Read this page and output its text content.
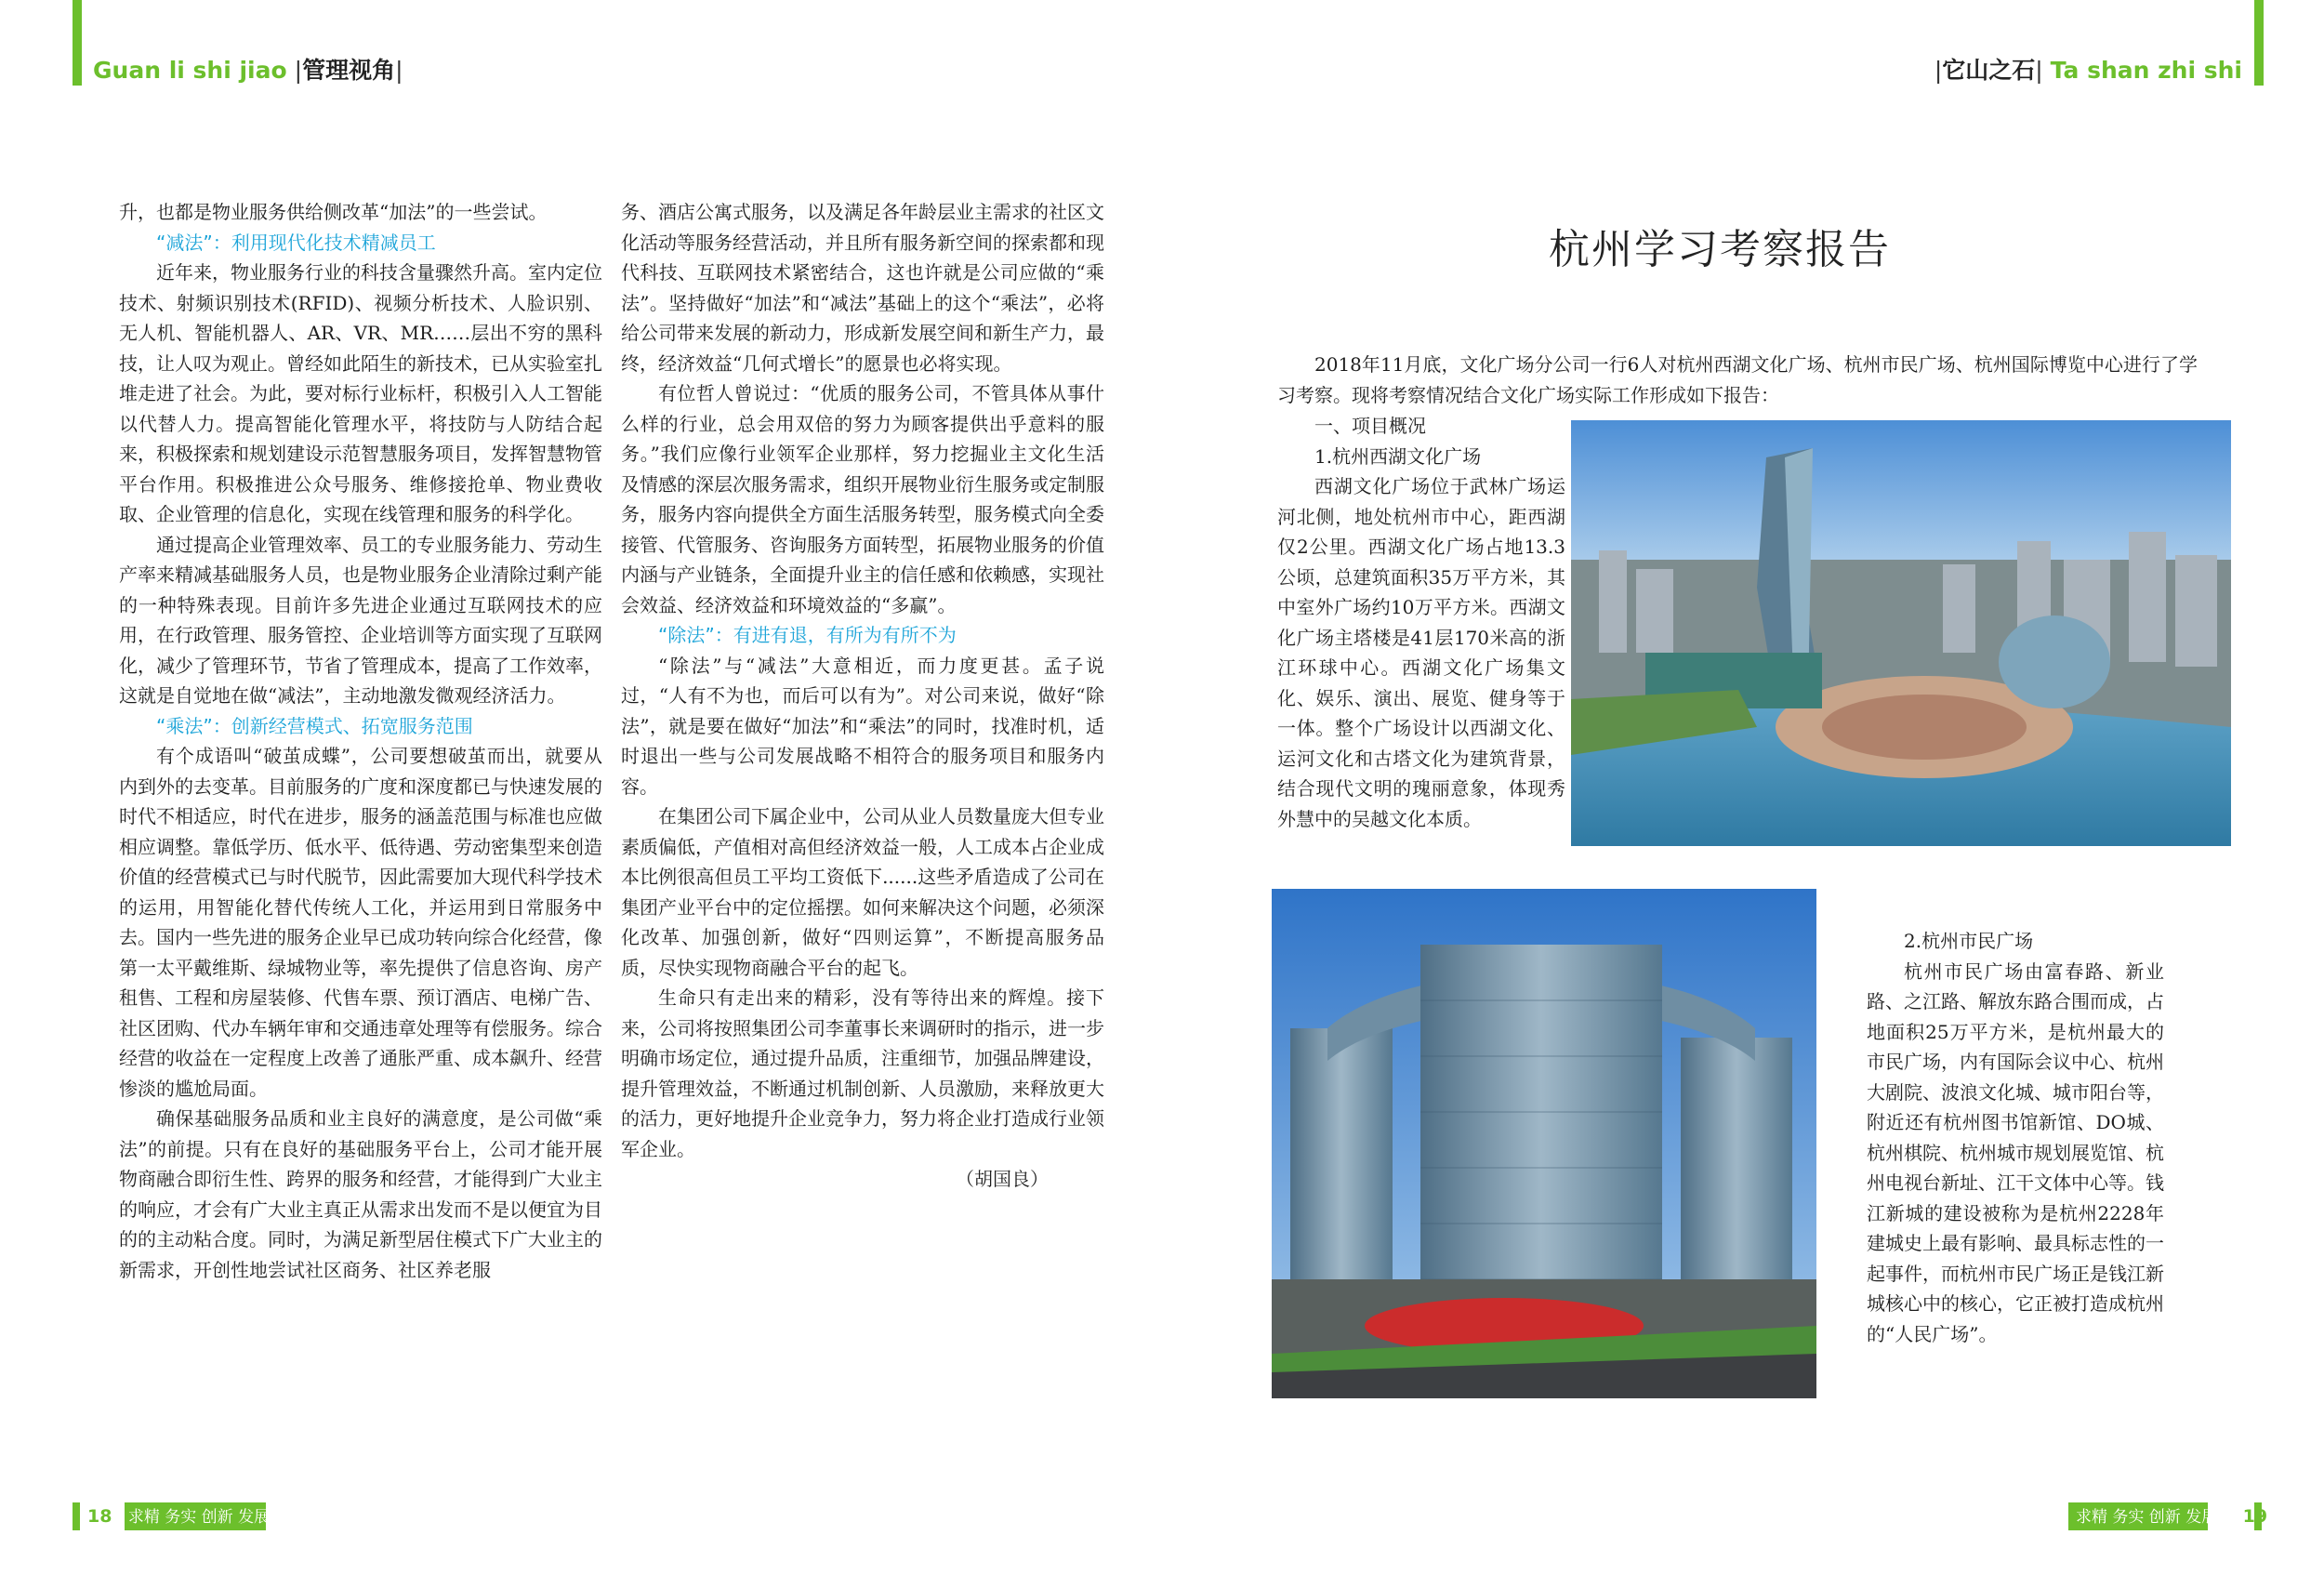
Guan li shi jiao |管理视角|	|它山之石| Ta shan zhi shi

升，也都是物业服务供给侧改革“加法”的一些尝试。

“减法”：利用现代化技术精减员工

近年来，物业服务行业的科技含量骤然升高。室内定位技术、射频识别技术(RFID)、视频分析技术、人脸识别、无人机、智能机器人、AR、VR、MR……层出不穷的黑科技，让人叹为观止。曾经如此陌生的新技术，已从实验室扎堆走进了社会。为此，要对标行业标杆，积极引入人工智能以代替人力。提高智能化管理水平，将技防与人防结合起来，积极探索和规划建设示范智慧服务项目，发挥智慧物管平台作用。积极推进公众号服务、维修接抢单、物业费收取、企业管理的信息化，实现在线管理和服务的科学化。

通过提高企业管理效率、员工的专业服务能力、劳动生产率来精减基础服务人员，也是物业服务企业清除过剩产能的一种特殊表现。目前许多先进企业通过互联网技术的应用，在行政管理、服务管控、企业培训等方面实现了互联网化，减少了管理环节，节省了管理成本，提高了工作效率，这就是自觉地在做“减法”，主动地激发微观经济活力。

“乘法”：创新经营模式、拓宽服务范围

有个成语叫“破茧成蝶”，公司要想破茧而出，就要从内到外的去变革。目前服务的广度和深度都已与快速发展的时代不相适应，时代在进步，服务的涵盖范围与标准也应做相应调整。靠低学历、低水平、低待遇、劳动密集型来创造价值的经营模式已与时代脱节，因此需要加大现代科学技术的运用，用智能化替代传统人工化，并运用到日常服务中去。国内一些先进的服务企业早已成功转向综合化经营，像第一太平戴维斯、绿城物业等，率先提供了信息咨询、房产租售、工程和房屋装修、代售车票、预订酒店、电梯广告、社区团购、代办车辆年审和交通违章处理等有偿服务。综合经营的收益在一定程度上改善了通胀严重、成本飙升、经营惨淡的尴尬局面。

确保基础服务品质和业主良好的满意度，是公司做“乘法”的前提。只有在良好的基础服务平台上，公司才能开展物商融合即衍生性、跨界的服务和经营，才能得到广大业主的响应，才会有广大业主真正从需求出发而不是以便宜为目的的主动粘合度。同时，为满足新型居住模式下广大业主的新需求，开创性地尝试社区商务、社区养老服

务、酒店公寓式服务，以及满足各年龄层业主需求的社区文化活动等服务经营活动，并且所有服务新空间的探索都和现代科技、互联网技术紧密结合，这也许就是公司应做的“乘法”。坚持做好“加法”和“减法”基础上的这个“乘法”，必将给公司带来发展的新动力，形成新发展空间和新生产力，最终，经济效益“几何式增长”的愿景也必将实现。

有位哲人曾说过：“优质的服务公司，不管具体从事什么样的行业，总会用双倍的努力为顾客提供出乎意料的服务。”我们应像行业领军企业那样，努力挖掘业主文化生活及情感的深层次服务需求，组织开展物业衍生服务或定制服务，服务内容向提供全方面生活服务转型，服务模式向全委接管、代管服务、咨询服务方面转型，拓展物业服务的价值内涵与产业链条，全面提升业主的信任感和依赖感，实现社会效益、经济效益和环境效益的“多赢”。

“除法”：有进有退，有所为有所不为

“除法”与“减法”大意相近，而力度更甚。孟子说过，“人有不为也，而后可以有为”。对公司来说，做好“除法”，就是要在做好“加法”和“乘法”的同时，找准时机，适时退出一些与公司发展战略不相符合的服务项目和服务内容。

在集团公司下属企业中，公司从业人员数量庞大但专业素质偏低，产值相对高但经济效益一般，人工成本占企业成本比例很高但员工平均工资低下......这些矛盾造成了公司在集团产业平台中的定位摇摆。如何来解决这个问题，必须深化改革、加强创新，做好“四则运算”，不断提高服务品质，尽快实现物商融合平台的起飞。

生命只有走出来的精彩，没有等待出来的辉煌。接下来，公司将按照集团公司李董事长来调研时的指示，进一步明确市场定位，通过提升品质，注重细节，加强品牌建设，提升管理效益，不断通过机制创新、人员激励，来释放更大的活力，更好地提升企业竞争力，努力将企业打造成行业领军企业。

（胡国良）

杭州学习考察报告

2018年11月底，文化广场分公司一行6人对杭州西湖文化广场、杭州市民广场、杭州国际博览中心进行了学习考察。现将考察情况结合文化广场实际工作形成如下报告：

一、项目概况

1.杭州西湖文化广场

西湖文化广场位于武林广场运河北侧，地处杭州市中心，距西湖仅2公里。西湖文化广场占地13.3公顷，总建筑面积35万平方米，其中室外广场约10万平方米。西湖文化广场主塔楼是41层170米高的浙江环球中心。西湖文化广场集文化、娱乐、演出、展览、健身等于一体。整个广场设计以西湖文化、运河文化和古塔文化为建筑背景，结合现代文明的瑰丽意象，体现秀外慧中的吴越文化本质。

2.杭州市民广场

杭州市民广场由富春路、新业路、之江路、解放东路合围而成，占地面积25万平方米，是杭州最大的市民广场，内有国际会议中心、杭州大剧院、波浪文化城、城市阳台等，附近还有杭州图书馆新馆、DO城、杭州棋院、杭州城市规划展览馆、杭州电视台新址、江干文体中心等。钱江新城的建设被称为是杭州2228年建城史上最有影响、最具标志性的一起事件，而杭州市民广场正是钱江新城核心中的核心，它正被打造成杭州的“人民广场”。

18 求精 务实 创新 发展	求精 务实 创新 发展 19
